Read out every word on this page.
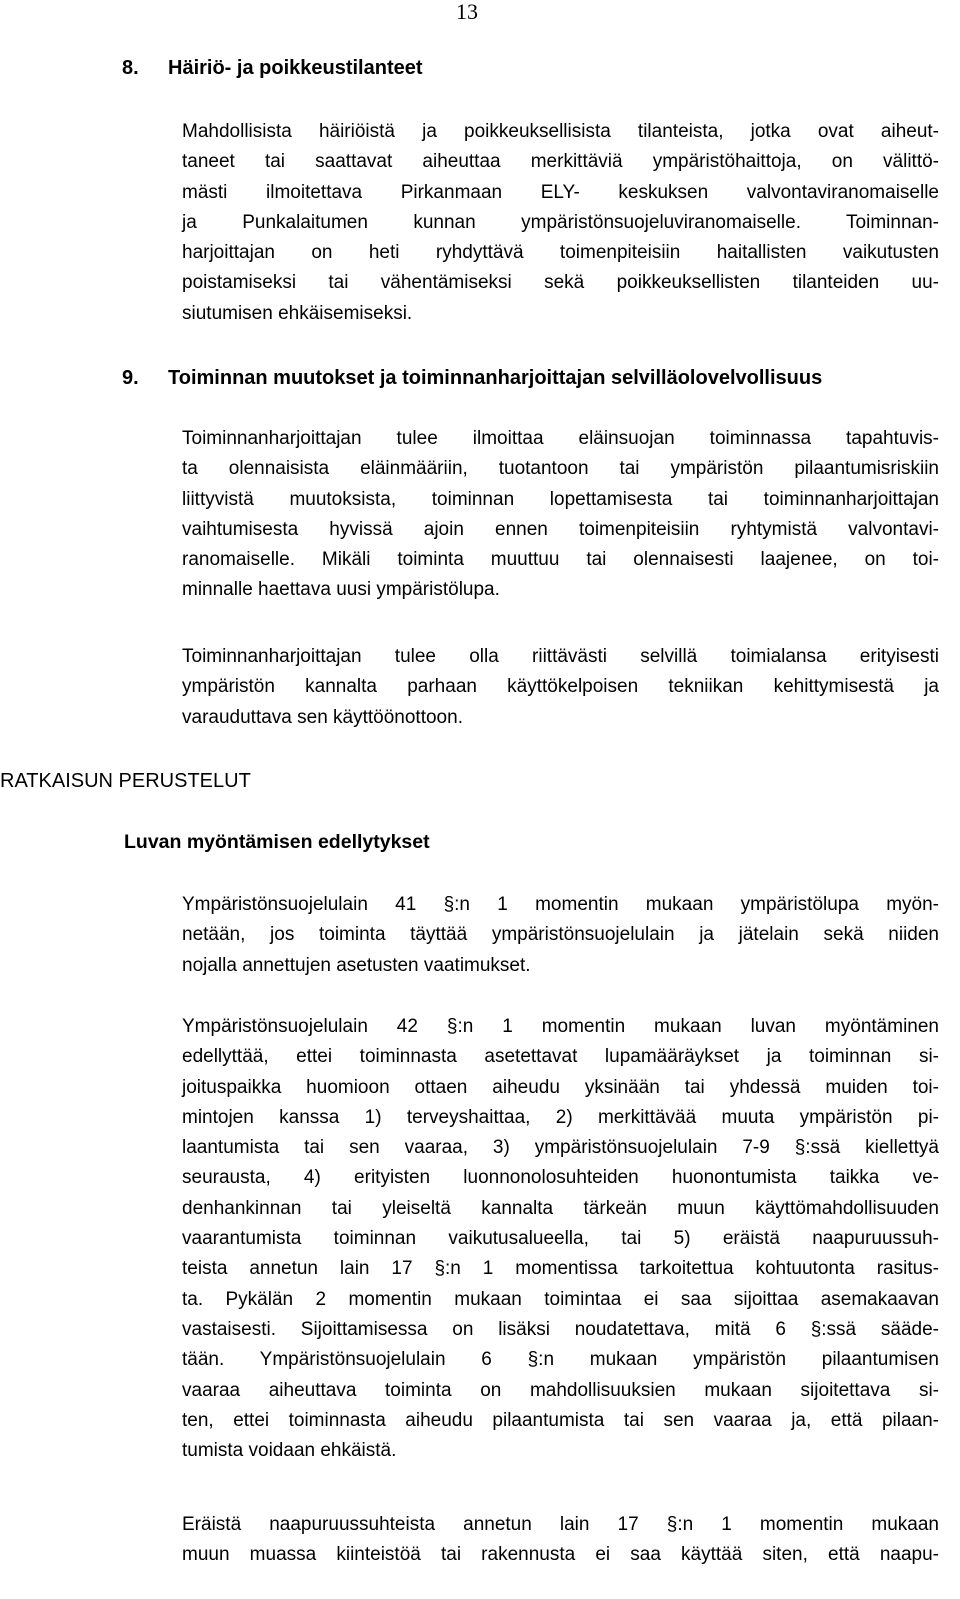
13
8. Häiriö- ja poikkeustilanteet
Mahdollisista häiriöistä ja poikkeuksellisista tilanteista, jotka ovat aiheut-
taneet tai saattavat aiheuttaa merkittäviä ympäristöhaittoja, on välittö-
mästi ilmoitettava Pirkanmaan ELY- keskuksen valvontaviranomaiselle
ja Punkalaitumen kunnan ympäristönsuojeluviranomaiselle. Toiminnan-
harjoittajan on heti ryhdyttävä toimenpiteisiin haitallisten vaikutusten
poistamiseksi tai vähentämiseksi sekä poikkeuksellisten tilanteiden uu-
siutumisen ehkäisemiseksi.
9. Toiminnan muutokset ja toiminnanharjoittajan selvilläolovelvollisuus
Toiminnanharjoittajan tulee ilmoittaa eläinsuojan toiminnassa tapahtuvis-
ta olennaisista eläinmääriin, tuotantoon tai ympäristön pilaantumisriskiin
liittyvistä muutoksista, toiminnan lopettamisesta tai toiminnanharjoittajan
vaihtumisesta hyvissä ajoin ennen toimenpiteisiin ryhtymistä valvontavi-
ranomaiselle. Mikäli toiminta muuttuu tai olennaisesti laajenee, on toi-
minnalle haettava uusi ympäristölupa.
Toiminnanharjoittajan tulee olla riittävästi selvillä toimialansa erityisesti
ympäristön kannalta parhaan käyttökelpoisen tekniikan kehittymisestä ja
varauduttava sen käyttöönottoon.
RATKAISUN PERUSTELUT
Luvan myöntämisen edellytykset
Ympäristönsuojelulain 41 §:n 1 momentin mukaan ympäristölupa myön-
netään, jos toiminta täyttää ympäristönsuojelulain ja jätelain sekä niiden
nojalla annettujen asetusten vaatimukset.
Ympäristönsuojelulain 42 §:n 1 momentin mukaan luvan myöntäminen
edellyttää, ettei toiminnasta asetettavat lupamääräykset ja toiminnan si-
joituspaikka huomioon ottaen aiheudu yksinään tai yhdessä muiden toi-
mintojen kanssa 1) terveyshaittaa, 2) merkittävää muuta ympäristön pi-
laantumista tai sen vaaraa, 3) ympäristönsuojelulain 7-9 §:ssä kiellettyä
seurausta, 4) erityisten luonnonolosuhteiden huonontumista taikka ve-
denhankinnan tai yleiseltä kannalta tärkeän muun käyttömahdollisuuden
vaarantumista toiminnan vaikutusalueella, tai 5) eräistä naapuruussuh-
teista annetun lain 17 §:n 1 momentissa tarkoitettua kohtuutonta rasitus-
ta. Pykälän 2 momentin mukaan toimintaa ei saa sijoittaa asemakaavan
vastaisesti. Sijoittamisessa on lisäksi noudatettava, mitä 6 §:ssä sääde-
tään. Ympäristönsuojelulain 6 §:n mukaan ympäristön pilaantumisen
vaaraa aiheuttava toiminta on mahdollisuuksien mukaan sijoitettava si-
ten, ettei toiminnasta aiheudu pilaantumista tai sen vaaraa ja, että pilaan-
tumista voidaan ehkäistä.
Eräistä naapuruussuhteista annetun lain 17 §:n 1 momentin mukaan
muun muassa kiinteistöä tai rakennusta ei saa käyttää siten, että naapu-
